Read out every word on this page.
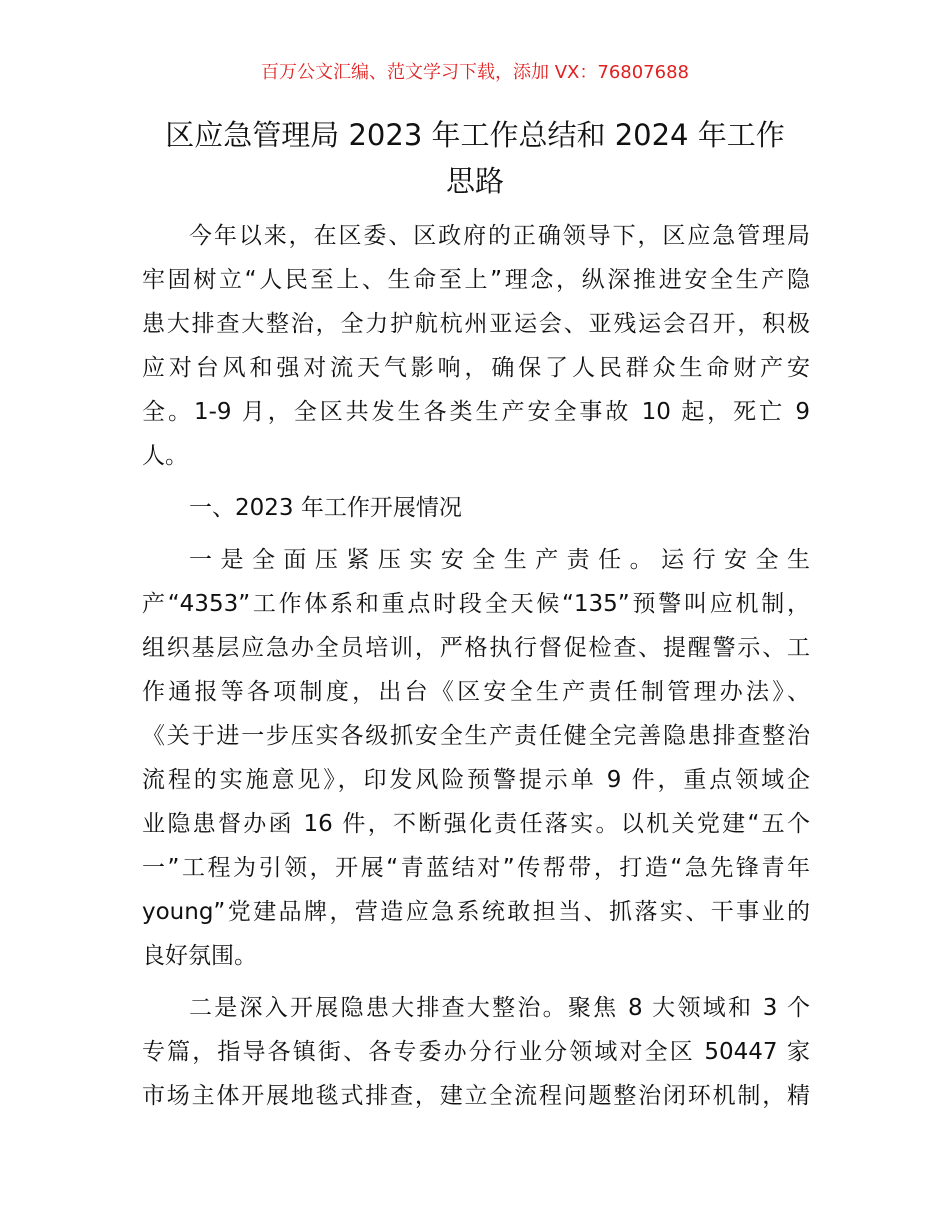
百万公文汇编、范文学习下载，添加 VX：76807688
区应急管理局 2023 年工作总结和 2024 年工作
思路
今年以来，在区委、区政府的正确领导下，区应急管理局
牢固树立“人民至上、生命至上”理念，纵深推进安全生产隐
患大排查大整治，全力护航杭州亚运会、亚残运会召开，积极
应对台风和强对流天气影响，确保了人民群众生命财产安
全。1-9 月，全区共发生各类生产安全事故 10 起，死亡 9
人。
一、2023 年工作开展情况
一是全面压紧压实安全生产责任。运行安全生
产“4353”工作体系和重点时段全天候“135”预警叫应机制，
组织基层应急办全员培训，严格执行督促检查、提醒警示、工
作通报等各项制度，出台《区安全生产责任制管理办法》、
《关于进一步压实各级抓安全生产责任健全完善隐患排查整治
流程的实施意见》，印发风险预警提示单 9 件，重点领域企
业隐患督办函 16 件，不断强化责任落实。以机关党建“五个
一”工程为引领，开展“青蓝结对”传帮带，打造“急先锋青年
young”党建品牌，营造应急系统敢担当、抓落实、干事业的
良好氛围。
二是深入开展隐患大排查大整治。聚焦 8 大领域和 3 个
专篇，指导各镇街、各专委办分行业分领域对全区 50447 家
市场主体开展地毯式排查，建立全流程问题整治闭环机制，精
